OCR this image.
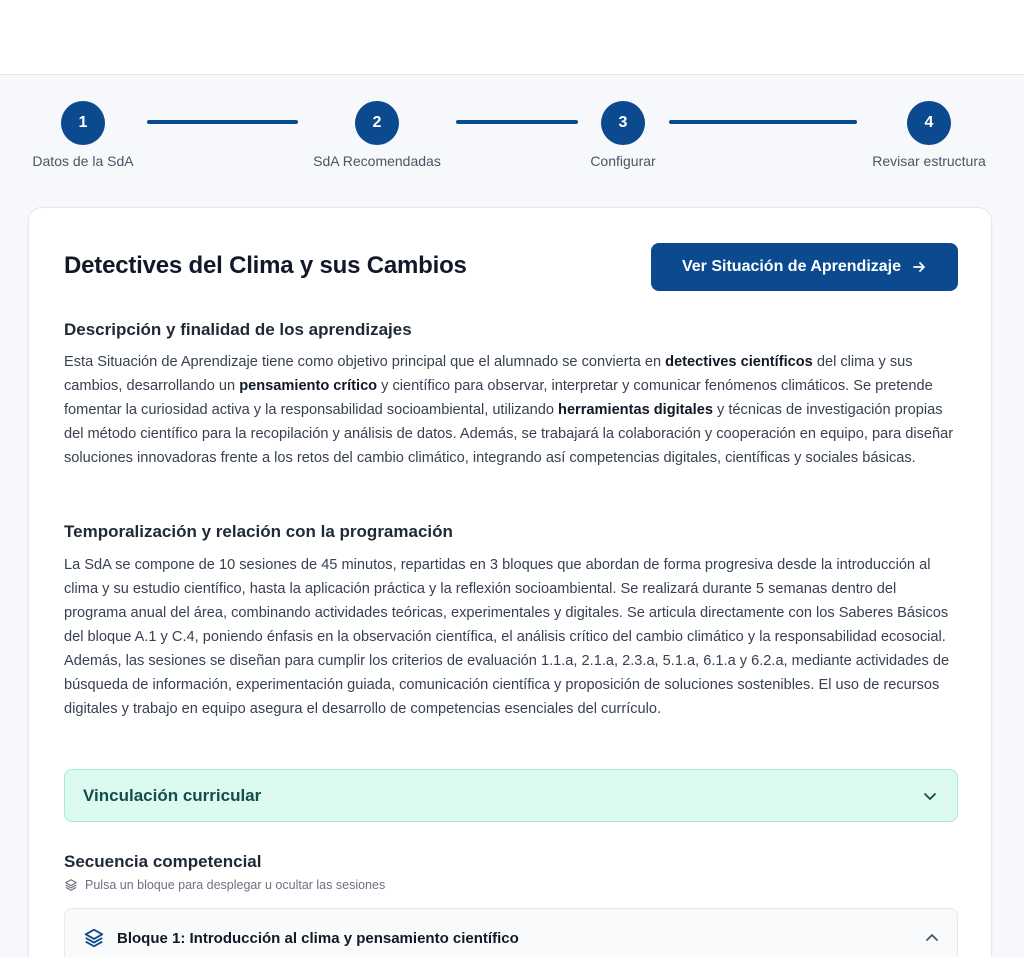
1
Datos de la SdA
2
SdA Recomendadas
3
Configurar
4
Revisar estructura
Detectives del Clima y sus Cambios	Ver Situación de Aprendizaje
Descripción y finalidad de los aprendizajes

Esta Situación de Aprendizaje tiene como objetivo principal que el alumnado se convierta en detectives científicos del clima y sus cambios, desarrollando un pensamiento crítico y científico para observar, interpretar y comunicar fenómenos climáticos. Se pretende fomentar la curiosidad activa y la responsabilidad socioambiental, utilizando herramientas digitales y técnicas de investigación propias del método científico para la recopilación y análisis de datos. Además, se trabajará la colaboración y cooperación en equipo, para diseñar soluciones innovadoras frente a los retos del cambio climático, integrando así competencias digitales, científicas y sociales básicas.

Temporalización y relación con la programación

La SdA se compone de 10 sesiones de 45 minutos, repartidas en 3 bloques que abordan de forma progresiva desde la introducción al clima y su estudio científico, hasta la aplicación práctica y la reflexión socioambiental. Se realizará durante 5 semanas dentro del programa anual del área, combinando actividades teóricas, experimentales y digitales. Se articula directamente con los Saberes Básicos del bloque A.1 y C.4, poniendo énfasis en la observación científica, el análisis crítico del cambio climático y la responsabilidad ecosocial. Además, las sesiones se diseñan para cumplir los criterios de evaluación 1.1.a, 2.1.a, 2.3.a, 5.1.a, 6.1.a y 6.2.a, mediante actividades de búsqueda de información, experimentación guiada, comunicación científica y proposición de soluciones sostenibles. El uso de recursos digitales y trabajo en equipo asegura el desarrollo de competencias esenciales del currículo.

Vinculación curricular
Secuencia competencial
Pulsa un bloque para desplegar u ocultar las sesiones
Bloque 1: Introducción al clima y pensamiento científico
